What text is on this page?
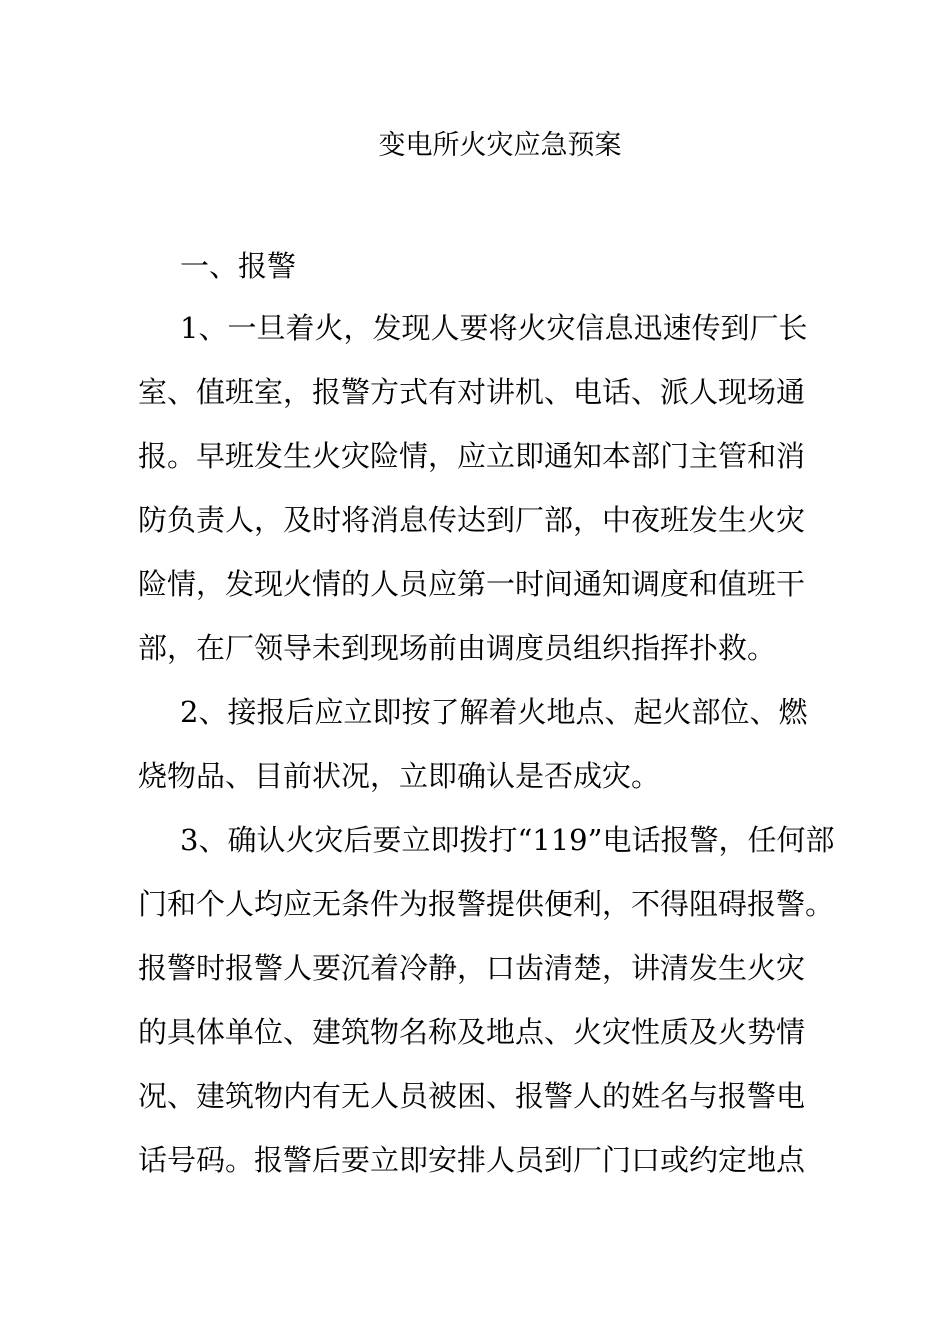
变电所火灾应急预案
一、报警

1、一旦着火，发现人要将火灾信息迅速传到厂长

室、值班室，报警方式有对讲机、电话、派人现场通

报。早班发生火灾险情，应立即通知本部门主管和消

防负责人，及时将消息传达到厂部，中夜班发生火灾

险情，发现火情的人员应第一时间通知调度和值班干

部，在厂领导未到现场前由调度员组织指挥扑救。

2、接报后应立即按了解着火地点、起火部位、燃

烧物品、目前状况，立即确认是否成灾。

3、确认火灾后要立即拨打“119”电话报警，任何部

门和个人均应无条件为报警提供便利，不得阻碍报警。

报警时报警人要沉着冷静，口齿清楚，讲清发生火灾

的具体单位、建筑物名称及地点、火灾性质及火势情

况、建筑物内有无人员被困、报警人的姓名与报警电

话号码。报警后要立即安排人员到厂门口或约定地点
